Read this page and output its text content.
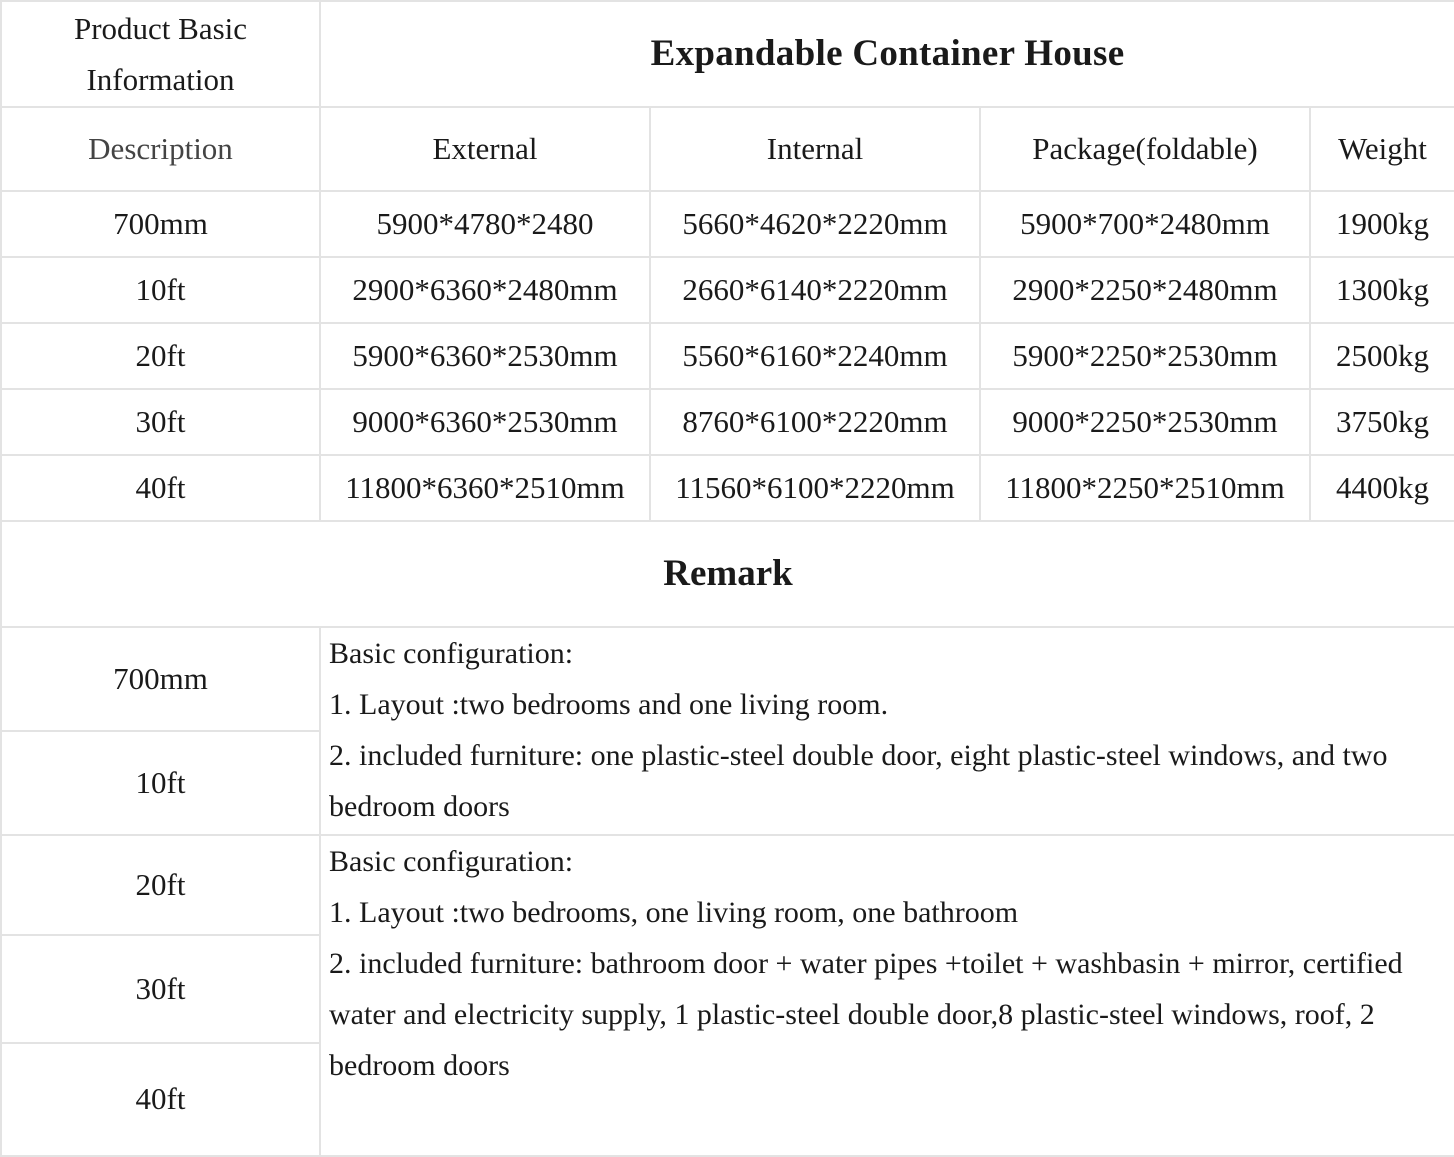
Product Basic
Information	Expandable Container House			
Description	External	Internal	Package(foldable)	Weight
700mm	5900*4780*2480	5660*4620*2220mm	5900*700*2480mm	1900kg
10ft	2900*6360*2480mm	2660*6140*2220mm	2900*2250*2480mm	1300kg
20ft	5900*6360*2530mm	5560*6160*2240mm	5900*2250*2530mm	2500kg
30ft	9000*6360*2530mm	8760*6100*2220mm	9000*2250*2530mm	3750kg
40ft	11800*6360*2510mm	11560*6100*2220mm	11800*2250*2510mm	4400kg
Remark				
700mm	Basic configuration:
1. Layout :two bedrooms and one living room.
2. included furniture: one plastic-steel double door, eight plastic-steel windows, and two bedroom doors			

10ft				
20ft	Basic configuration:
1. Layout :two bedrooms, one living room, one bathroom
2. included furniture: bathroom door + water pipes +toilet + washbasin + mirror, certified water and electricity supply, 1 plastic-steel double door,8 plastic-steel windows, roof, 2 bedroom doors			

30ft				
40ft				
